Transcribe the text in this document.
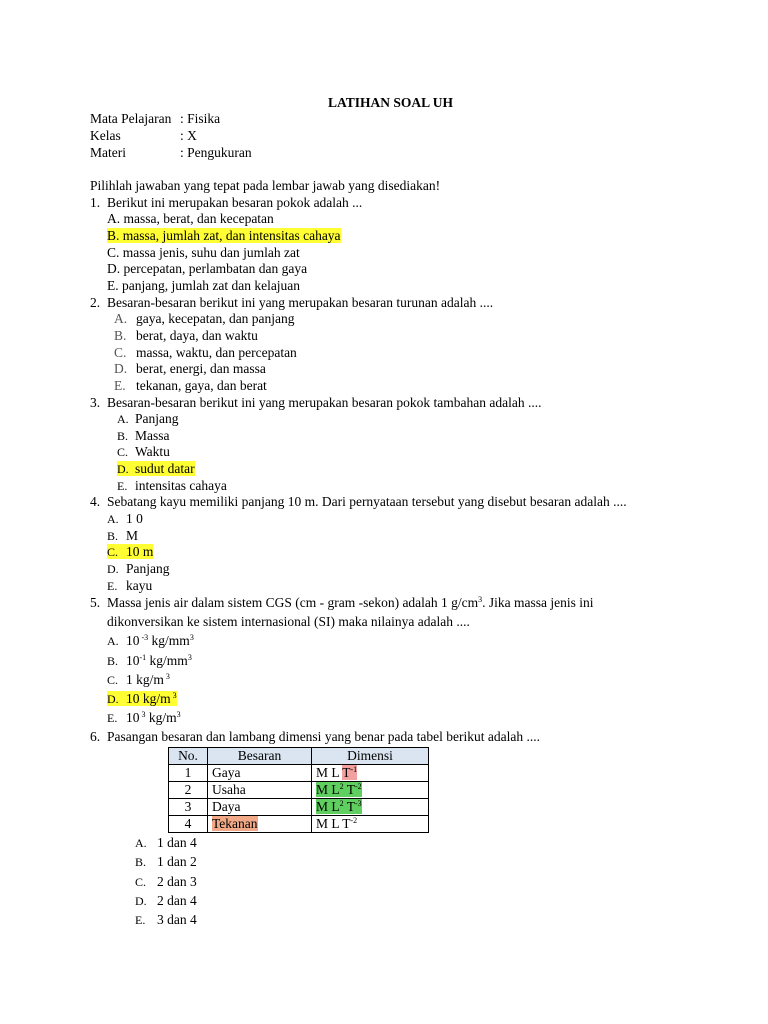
LATIHAN SOAL UH
Mata Pelajaran : Fisika
Kelas	: X
Materi	: Pengukuran
Pilihlah jawaban yang tepat pada lembar jawab yang disediakan!
1. Berikut ini merupakan besaran pokok adalah ...
A. massa, berat, dan kecepatan
B. massa, jumlah zat, dan intensitas cahaya
C. massa jenis, suhu dan jumlah zat
D. percepatan, perlambatan dan gaya
E. panjang, jumlah zat dan kelajuan
2. Besaran-besaran berikut ini yang merupakan besaran turunan adalah ....
A. gaya, kecepatan, dan panjang
B. berat, daya, dan waktu
C. massa, waktu, dan percepatan
D. berat, energi, dan massa
E. tekanan, gaya, dan berat
3. Besaran-besaran berikut ini yang merupakan besaran pokok tambahan adalah ....
A. Panjang
B. Massa
C. Waktu
D. sudut datar
E. intensitas cahaya
4. Sebatang kayu memiliki panjang 10 m. Dari pernyataan tersebut yang disebut besaran adalah ....
A. 1 0
B. M
C. 10 m
D. Panjang
E. kayu
5. Massa jenis air dalam sistem CGS (cm - gram -sekon) adalah 1 $g/cm^3$. Jika massa jenis ini
dikonversikan ke sistem internasional (SI) maka nilainya adalah ....
A. 10 $^{-3}$ $kg/mm^3$
B. $10^{-1}$ $kg/mm^3$
C. 1 kg/m $^3$
D. 10 kg/m $^3$
E. 10 $^3$ $kg/m^3$
6. Pasangan besaran dan lambang dimensi yang benar pada tabel berikut adalah ....
No.	Besaran	Dimensi
1	Gaya	M L $T^{-1}$
2	Usaha	M $L^2$ $T^{-2}$
3	Daya	M $L^2$ $T^{-3}$
4	Tekanan	M L $T^{-2}$
A. 1 dan 4
B. 1 dan 2
C. 2 dan 3
D. 2 dan 4
E. 3 dan 4
